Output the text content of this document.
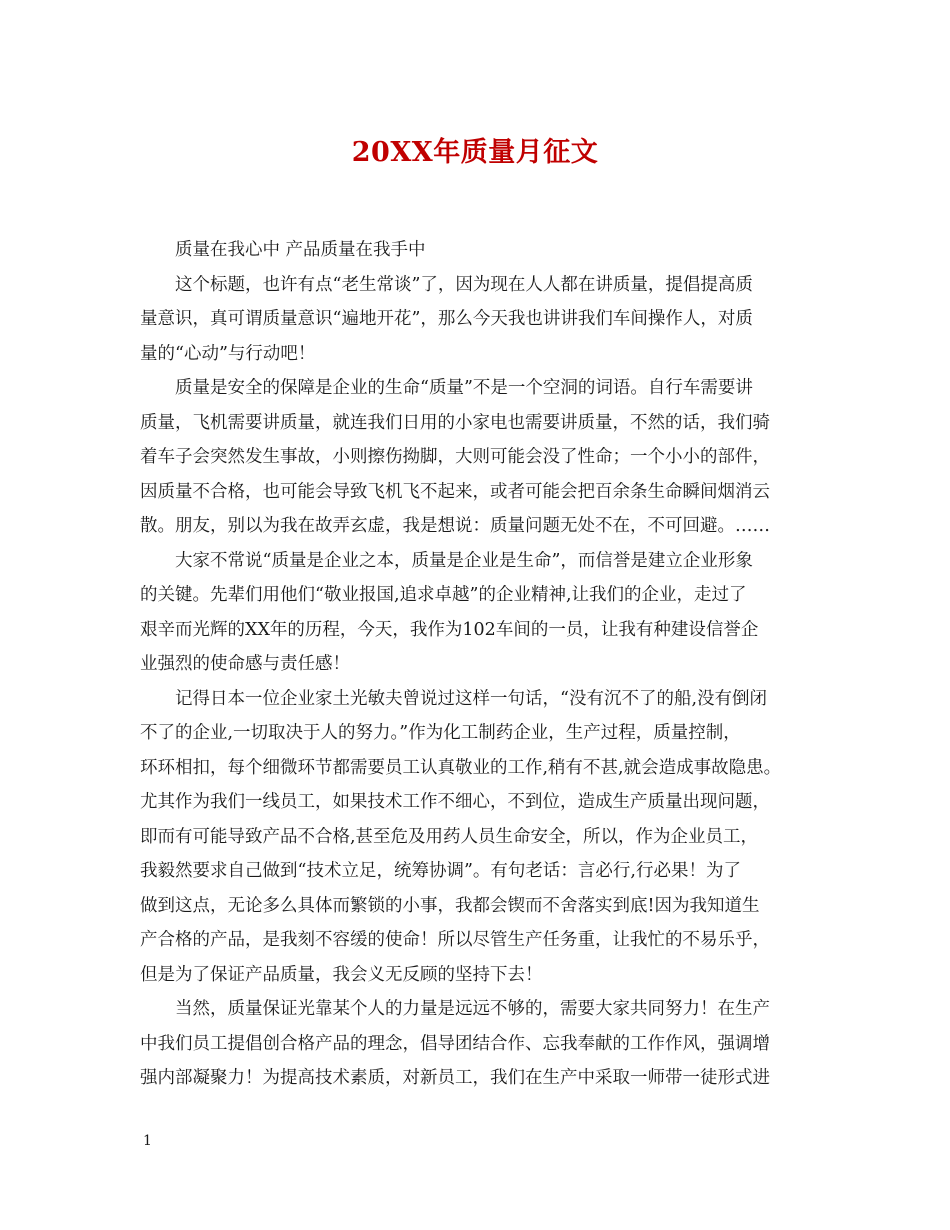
20XX年质量月征文
质量在我心中 产品质量在我手中
这个标题，也许有点“老生常谈”了，因为现在人人都在讲质量，提倡提高质
量意识，真可谓质量意识“遍地开花”，那么今天我也讲讲我们车间操作人，对质
量的“心动”与行动吧！
质量是安全的保障是企业的生命“质量”不是一个空洞的词语。自行车需要讲
质量，飞机需要讲质量，就连我们日用的小家电也需要讲质量，不然的话，我们骑
着车子会突然发生事故，小则擦伤拗脚，大则可能会没了性命；一个小小的部件，
因质量不合格，也可能会导致飞机飞不起来，或者可能会把百余条生命瞬间烟消云
散。朋友，别以为我在故弄玄虚，我是想说：质量问题无处不在，不可回避。……
大家不常说“质量是企业之本，质量是企业是生命”，而信誉是建立企业形象
的关键。先辈们用他们“敬业报国,追求卓越”的企业精神,让我们的企业，走过了
艰辛而光辉的XX年的历程，今天，我作为102车间的一员，让我有种建设信誉企
业强烈的使命感与责任感！
记得日本一位企业家土光敏夫曾说过这样一句话，“没有沉不了的船,没有倒闭
不了的企业,一切取决于人的努力。”作为化工制药企业，生产过程，质量控制，
环环相扣，每个细微环节都需要员工认真敬业的工作,稍有不甚,就会造成事故隐患。
尤其作为我们一线员工，如果技术工作不细心，不到位，造成生产质量出现问题，
即而有可能导致产品不合格,甚至危及用药人员生命安全，所以，作为企业员工，
我毅然要求自己做到“技术立足，统筹协调”。有句老话：言必行,行必果！为了
做到这点，无论多么具体而繁锁的小事，我都会锲而不舍落实到底!因为我知道生
产合格的产品，是我刻不容缓的使命！所以尽管生产任务重，让我忙的不易乐乎，
但是为了保证产品质量，我会义无反顾的坚持下去！
当然，质量保证光靠某个人的力量是远远不够的，需要大家共同努力！在生产
中我们员工提倡创合格产品的理念，倡导团结合作、忘我奉献的工作作风，强调增
强内部凝聚力！为提高技术素质，对新员工，我们在生产中采取一师带一徒形式进
1
